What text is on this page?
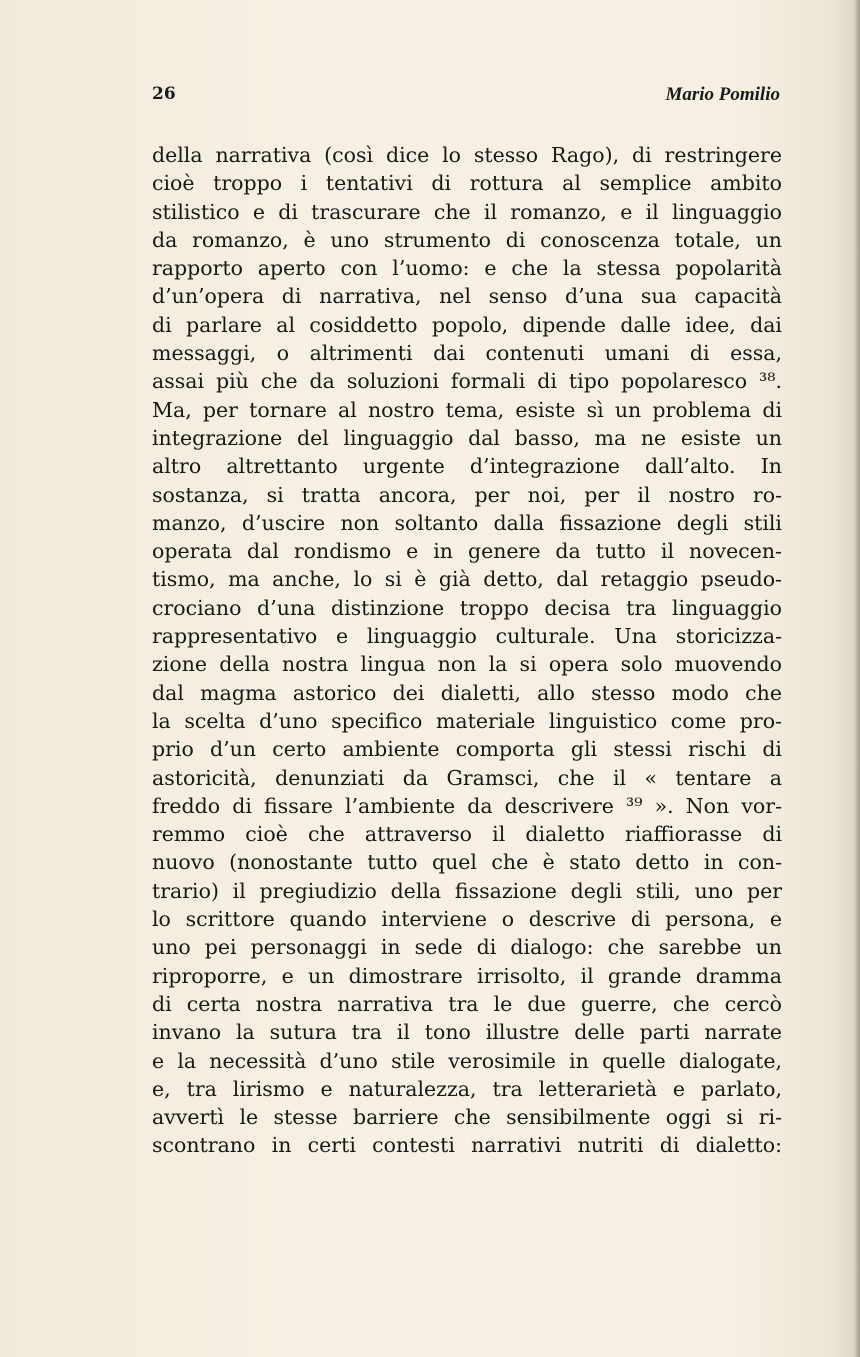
26	Mario Pomilio
della narrativa (così dice lo stesso Rago), di restringere
cioè troppo i tentativi di rottura al semplice ambito
stilistico e di trascurare che il romanzo, e il linguaggio
da romanzo, è uno strumento di conoscenza totale, un
rapporto aperto con l’uomo: e che la stessa popolarità
d’un’opera di narrativa, nel senso d’una sua capacità
di parlare al cosiddetto popolo, dipende dalle idee, dai
messaggi, o altrimenti dai contenuti umani di essa,
assai più che da soluzioni formali di tipo popolaresco ³⁸.
Ma, per tornare al nostro tema, esiste sì un problema di
integrazione del linguaggio dal basso, ma ne esiste un
altro altrettanto urgente d’integrazione dall’alto. In
sostanza, si tratta ancora, per noi, per il nostro ro-
manzo, d’uscire non soltanto dalla fissazione degli stili
operata dal rondismo e in genere da tutto il novecen-
tismo, ma anche, lo si è già detto, dal retaggio pseudo-
crociano d’una distinzione troppo decisa tra linguaggio
rappresentativo e linguaggio culturale. Una storicizza-
zione della nostra lingua non la si opera solo muovendo
dal magma astorico dei dialetti, allo stesso modo che
la scelta d’uno specifico materiale linguistico come pro-
prio d’un certo ambiente comporta gli stessi rischi di
astoricità, denunziati da Gramsci, che il « tentare a
freddo di fissare l’ambiente da descrivere ³⁹ ». Non vor-
remmo cioè che attraverso il dialetto riaffiorasse di
nuovo (nonostante tutto quel che è stato detto in con-
trario) il pregiudizio della fissazione degli stili, uno per
lo scrittore quando interviene o descrive di persona, e
uno pei personaggi in sede di dialogo: che sarebbe un
riproporre, e un dimostrare irrisolto, il grande dramma
di certa nostra narrativa tra le due guerre, che cercò
invano la sutura tra il tono illustre delle parti narrate
e la necessità d’uno stile verosimile in quelle dialogate,
e, tra lirismo e naturalezza, tra letterarietà e parlato,
avvertì le stesse barriere che sensibilmente oggi si ri-
scontrano in certi contesti narrativi nutriti di dialetto:
